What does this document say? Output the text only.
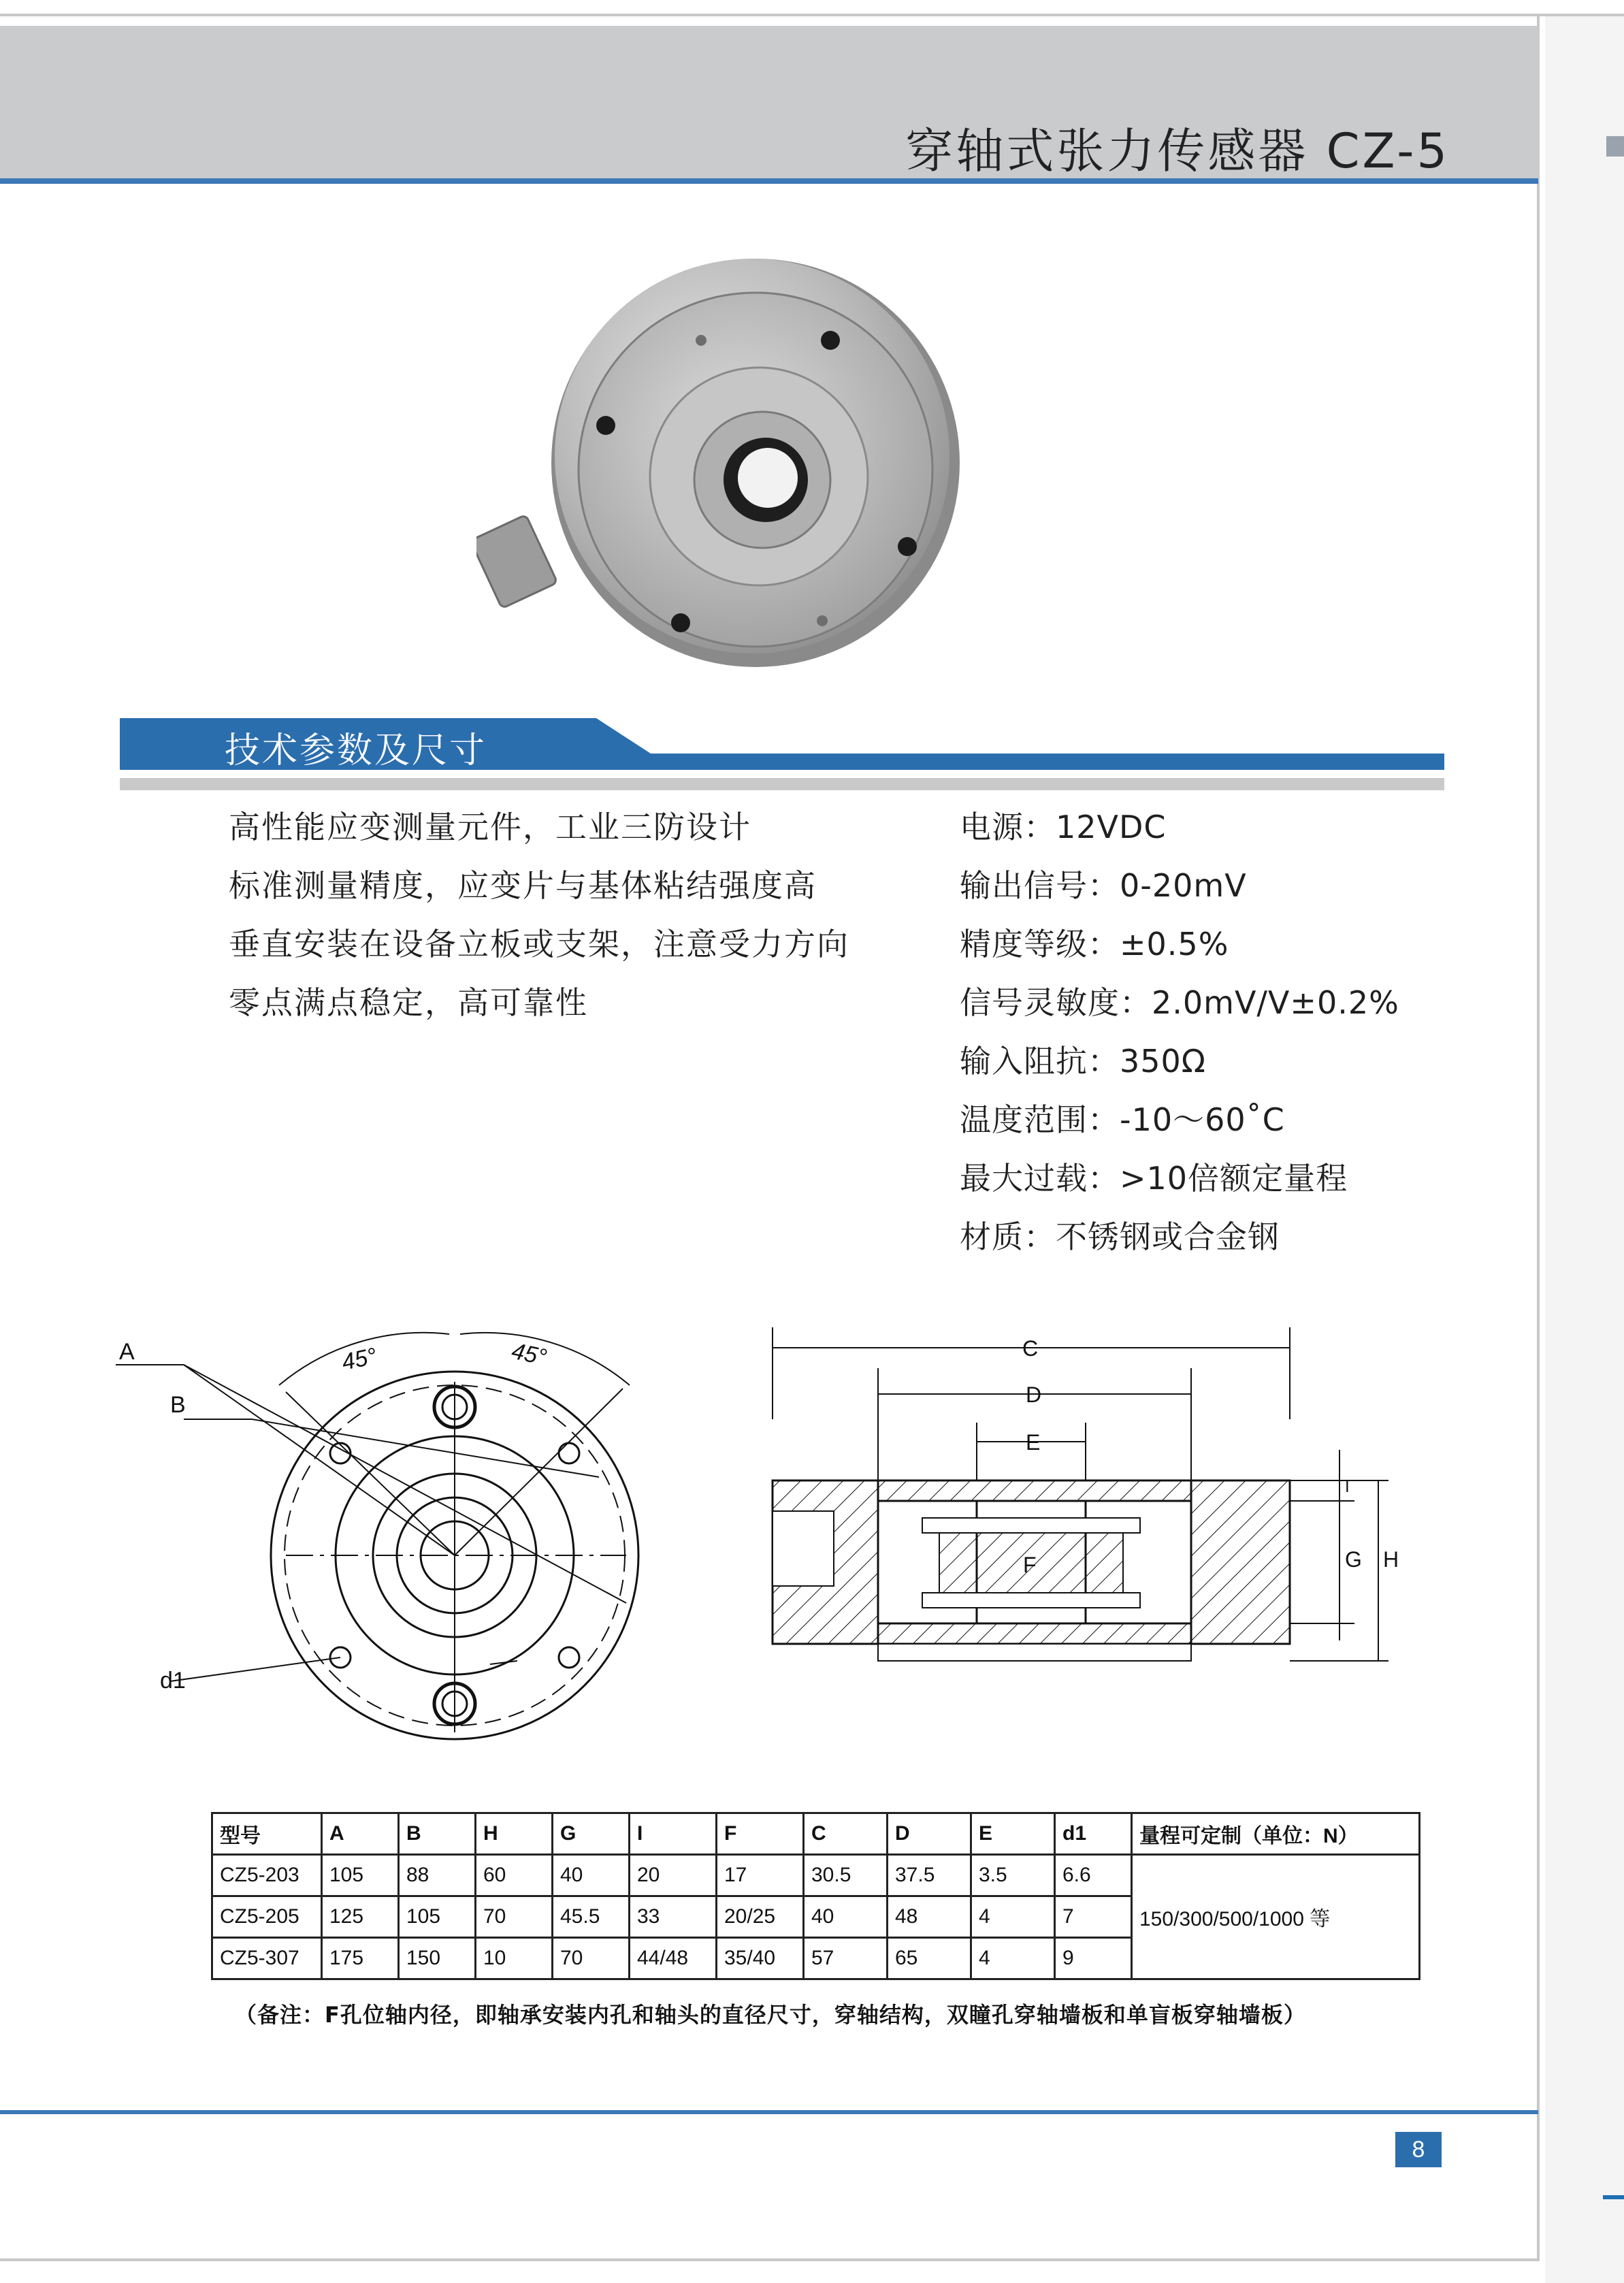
穿轴式张力传感器 CZ-5
技术参数及尺寸
高性能应变测量元件，工业三防设计
标准测量精度，应变片与基体粘结强度高
垂直安装在设备立板或支架，注意受力方向
零点满点稳定，高可靠性
电源：12VDC
输出信号：0-20mV
精度等级：±0.5%
信号灵敏度：2.0mV/V±0.2%
输入阻抗：350Ω
温度范围：-10～60˚C
最大过载：>10倍额定量程
材质：不锈钢或合金钢
45°	45°
A
B
d1
C
D
E
F
I
G H
型号	A	B	H	G	I	F	C	D	E	d1	量程可定制（单位：N）
CZ5-203	105	88	60	40	20	17	30.5	37.5	3.5	6.6	150/300/500/1000 等
CZ5-205	125	105	70	45.5	33	20/25	40	48	4	7	
CZ5-307	175	150	10	70	44/48	35/40	57	65	4	9	
（备注：F孔位轴内径，即轴承安装内孔和轴头的直径尺寸，穿轴结构，双瞳孔穿轴墙板和单盲板穿轴墙板）
8
